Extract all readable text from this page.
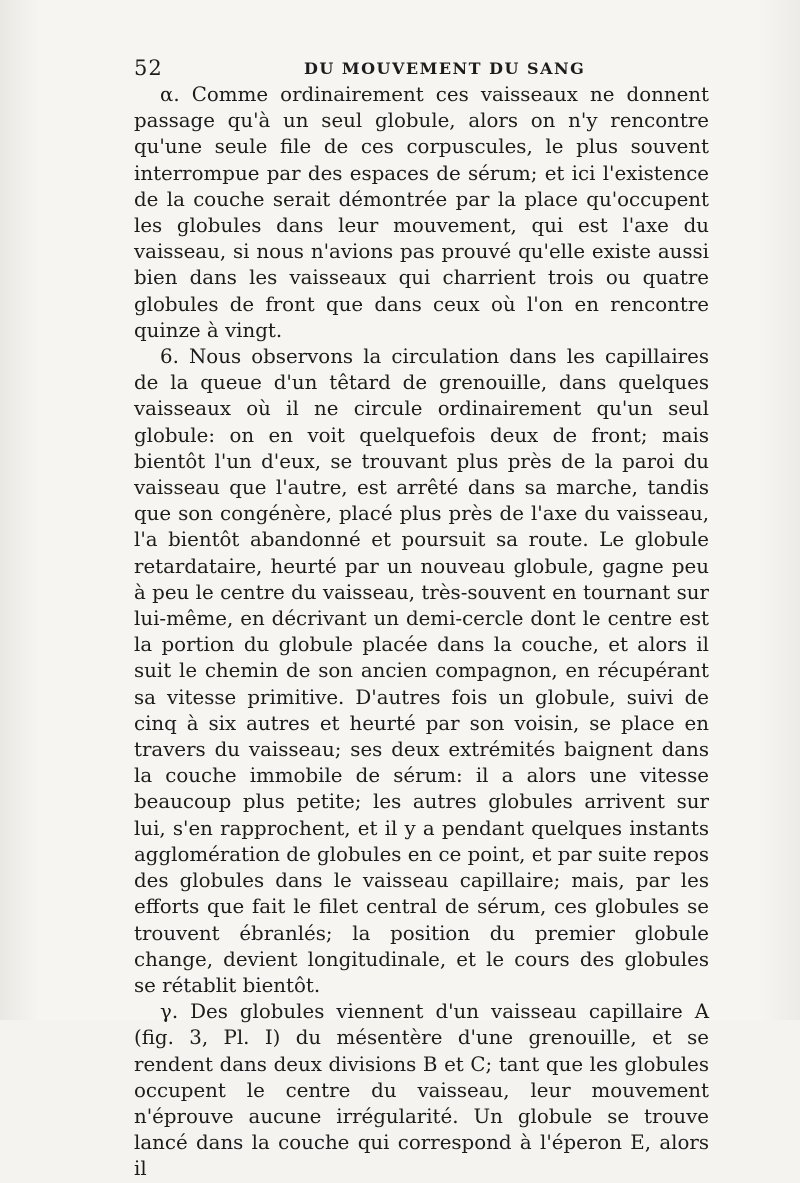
52	DU MOUVEMENT DU SANG

α. Comme ordinairement ces vaisseaux ne donnent passage qu'à un seul globule, alors on n'y rencontre qu'une seule file de ces corpuscules, le plus souvent interrompue par des espaces de sérum; et ici l'existence de la couche serait démontrée par la place qu'occupent les globules dans leur mouvement, qui est l'axe du vaisseau, si nous n'avions pas prouvé qu'elle existe aussi bien dans les vaisseaux qui charrient trois ou quatre globules de front que dans ceux où l'on en rencontre quinze à vingt.

6. Nous observons la circulation dans les capillaires de la queue d'un têtard de grenouille, dans quelques vaisseaux où il ne circule ordinairement qu'un seul globule: on en voit quelquefois deux de front; mais bientôt l'un d'eux, se trouvant plus près de la paroi du vaisseau que l'autre, est arrêté dans sa marche, tandis que son congénère, placé plus près de l'axe du vaisseau, l'a bientôt abandonné et poursuit sa route. Le globule retardataire, heurté par un nouveau globule, gagne peu à peu le centre du vaisseau, très-souvent en tournant sur lui-même, en décrivant un demi-cercle dont le centre est la portion du globule placée dans la couche, et alors il suit le chemin de son ancien compagnon, en récupérant sa vitesse primitive. D'autres fois un globule, suivi de cinq à six autres et heurté par son voisin, se place en travers du vaisseau; ses deux extrémités baignent dans la couche immobile de sérum: il a alors une vitesse beaucoup plus petite; les autres globules arrivent sur lui, s'en rapprochent, et il y a pendant quelques instants agglomération de globules en ce point, et par suite repos des globules dans le vaisseau capillaire; mais, par les efforts que fait le filet central de sérum, ces globules se trouvent ébranlés; la position du premier globule change, devient longitudinale, et le cours des globules se rétablit bientôt.

γ. Des globules viennent d'un vaisseau capillaire A (fig. 3, Pl. I) du mésentère d'une grenouille, et se rendent dans deux divisions B et C; tant que les globules occupent le centre du vaisseau, leur mouvement n'éprouve aucune irrégularité. Un globule se trouve lancé dans la couche qui correspond à l'éperon E, alors il
